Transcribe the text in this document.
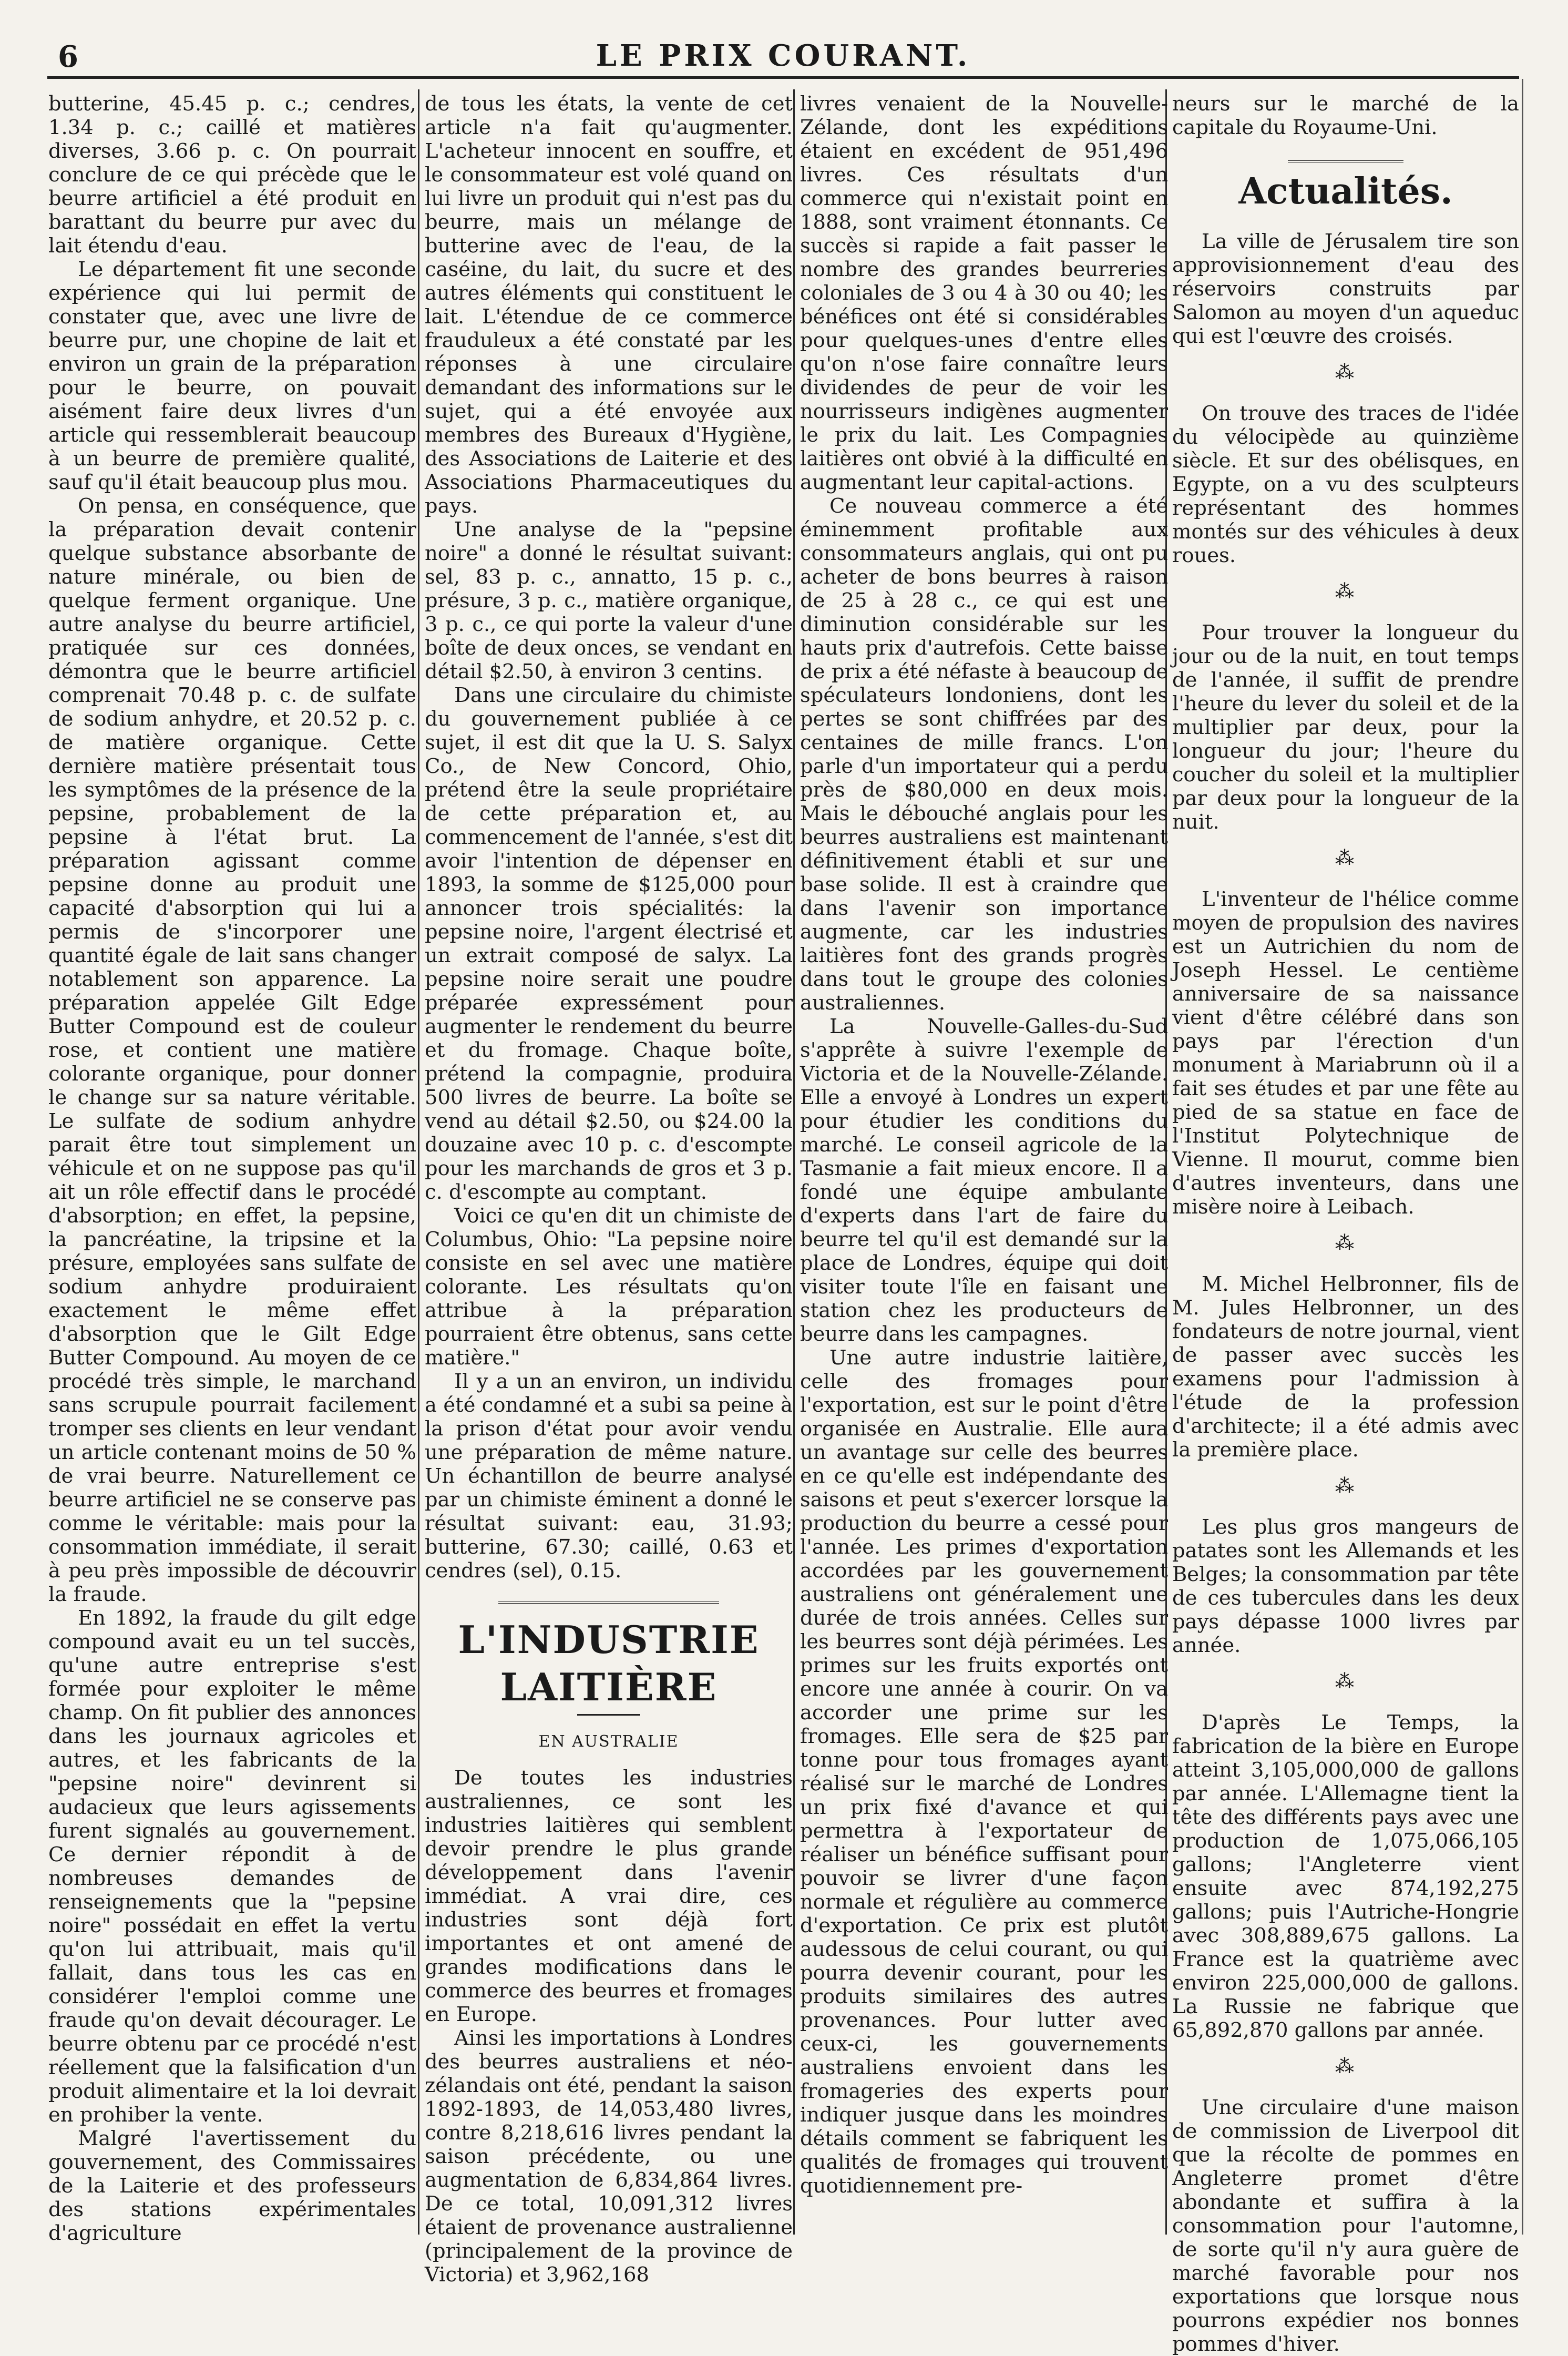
6	LE PRIX COURANT.

butterine, 45.45 p. c.; cendres, 1.34 p. c.; caillé et matières diverses, 3.66 p. c. On pourrait conclure de ce qui précède que le beurre artificiel a été produit en barattant du beurre pur avec du lait étendu d'eau.

Le département fit une seconde expérience qui lui permit de constater que, avec une livre de beurre pur, une chopine de lait et environ un grain de la préparation pour le beurre, on pouvait aisément faire deux livres d'un article qui ressemblerait beaucoup à un beurre de première qualité, sauf qu'il était beaucoup plus mou.

On pensa, en conséquence, que la préparation devait contenir quelque substance absorbante de nature minérale, ou bien de quelque ferment organique. Une autre analyse du beurre artificiel, pratiquée sur ces données, démontra que le beurre artificiel comprenait 70.48 p. c. de sulfate de sodium anhydre, et 20.52 p. c. de matière organique. Cette dernière matière présentait tous les symptômes de la présence de la pepsine, probablement de la pepsine à l'état brut. La préparation agissant comme pepsine donne au produit une capacité d'absorption qui lui a permis de s'incorporer une quantité égale de lait sans changer notablement son apparence. La préparation appelée Gilt Edge Butter Compound est de couleur rose, et contient une matière colorante organique, pour donner le change sur sa nature véritable. Le sulfate de sodium anhydre parait être tout simplement un véhicule et on ne suppose pas qu'il ait un rôle effectif dans le procédé d'absorption; en effet, la pepsine, la pancréatine, la tripsine et la présure, employées sans sulfate de sodium anhydre produiraient exactement le même effet d'absorption que le Gilt Edge Butter Compound. Au moyen de ce procédé très simple, le marchand sans scrupule pourrait facilement tromper ses clients en leur vendant un article contenant moins de 50 % de vrai beurre. Naturellement ce beurre artificiel ne se conserve pas comme le véritable: mais pour la consommation immédiate, il serait à peu près impossible de découvrir la fraude.

En 1892, la fraude du gilt edge compound avait eu un tel succès, qu'une autre entreprise s'est formée pour exploiter le même champ. On fit publier des annonces dans les journaux agricoles et autres, et les fabricants de la "pepsine noire" devinrent si audacieux que leurs agissements furent signalés au gouvernement. Ce dernier répondit à de nombreuses demandes de renseignements que la "pepsine noire" possédait en effet la vertu qu'on lui attribuait, mais qu'il fallait, dans tous les cas en considérer l'emploi comme une fraude qu'on devait décourager. Le beurre obtenu par ce procédé n'est réellement que la falsification d'un produit alimentaire et la loi devrait en prohiber la vente.

Malgré l'avertissement du gouvernement, des Commissaires de la Laiterie et des professeurs des stations expérimentales d'agriculture

de tous les états, la vente de cet article n'a fait qu'augmenter. L'acheteur innocent en souffre, et le consommateur est volé quand on lui livre un produit qui n'est pas du beurre, mais un mélange de butterine avec de l'eau, de la caséine, du lait, du sucre et des autres éléments qui constituent le lait. L'étendue de ce commerce frauduleux a été constaté par les réponses à une circulaire demandant des informations sur le sujet, qui a été envoyée aux membres des Bureaux d'Hygiène, des Associations de Laiterie et des Associations Pharmaceutiques du pays.

Une analyse de la "pepsine noire" a donné le résultat suivant: sel, 83 p. c., annatto, 15 p. c., présure, 3 p. c., matière organique, 3 p. c., ce qui porte la valeur d'une boîte de deux onces, se vendant en détail $2.50, à environ 3 centins.

Dans une circulaire du chimiste du gouvernement publiée à ce sujet, il est dit que la U. S. Salyx Co., de New Concord, Ohio, prétend être la seule propriétaire de cette préparation et, au commencement de l'année, s'est dit avoir l'intention de dépenser en 1893, la somme de $125,000 pour annoncer trois spécialités: la pepsine noire, l'argent électrisé et un extrait composé de salyx. La pepsine noire serait une poudre préparée expressément pour augmenter le rendement du beurre et du fromage. Chaque boîte, prétend la compagnie, produira 500 livres de beurre. La boîte se vend au détail $2.50, ou $24.00 la douzaine avec 10 p. c. d'escompte pour les marchands de gros et 3 p. c. d'escompte au comptant.

Voici ce qu'en dit un chimiste de Columbus, Ohio: "La pepsine noire consiste en sel avec une matière colorante. Les résultats qu'on attribue à la préparation pourraient être obtenus, sans cette matière."

Il y a un an environ, un individu a été condamné et a subi sa peine à la prison d'état pour avoir vendu une préparation de même nature. Un échantillon de beurre analysé par un chimiste éminent a donné le résultat suivant: eau, 31.93; butterine, 67.30; caillé, 0.63 et cendres (sel), 0.15.

L'INDUSTRIE LAITIÈRE
EN AUSTRALIE

De toutes les industries australiennes, ce sont les industries laitières qui semblent devoir prendre le plus grande développement dans l'avenir immédiat. A vrai dire, ces industries sont déjà fort importantes et ont amené de grandes modifications dans le commerce des beurres et fromages en Europe.

Ainsi les importations à Londres des beurres australiens et néo-zélandais ont été, pendant la saison 1892-1893, de 14,053,480 livres, contre 8,218,616 livres pendant la saison précédente, ou une augmentation de 6,834,864 livres. De ce total, 10,091,312 livres étaient de provenance australienne (principalement de la province de Victoria) et 3,962,168

livres venaient de la Nouvelle-Zélande, dont les expéditions étaient en excédent de 951,496 livres. Ces résultats d'un commerce qui n'existait point en 1888, sont vraiment étonnants. Ce succès si rapide a fait passer le nombre des grandes beurreries coloniales de 3 ou 4 à 30 ou 40; les bénéfices ont été si considérables pour quelques-unes d'entre elles qu'on n'ose faire connaître leurs dividendes de peur de voir les nourrisseurs indigènes augmenter le prix du lait. Les Compagnies laitières ont obvié à la difficulté en augmentant leur capital-actions.

Ce nouveau commerce a été éminemment profitable aux consommateurs anglais, qui ont pu acheter de bons beurres à raison de 25 à 28 c., ce qui est une diminution considérable sur les hauts prix d'autrefois. Cette baisse de prix a été néfaste à beaucoup de spéculateurs londoniens, dont les pertes se sont chiffrées par des centaines de mille francs. L'on parle d'un importateur qui a perdu près de $80,000 en deux mois. Mais le débouché anglais pour les beurres australiens est maintenant définitivement établi et sur une base solide. Il est à craindre que dans l'avenir son importance augmente, car les industries laitières font des grands progrès dans tout le groupe des colonies australiennes.

La Nouvelle-Galles-du-Sud s'apprête à suivre l'exemple de Victoria et de la Nouvelle-Zélande. Elle a envoyé à Londres un expert pour étudier les conditions du marché. Le conseil agricole de la Tasmanie a fait mieux encore. Il a fondé une équipe ambulante d'experts dans l'art de faire du beurre tel qu'il est demandé sur la place de Londres, équipe qui doit visiter toute l'île en faisant une station chez les producteurs de beurre dans les campagnes.

Une autre industrie laitière, celle des fromages pour l'exportation, est sur le point d'être organisée en Australie. Elle aura un avantage sur celle des beurres en ce qu'elle est indépendante des saisons et peut s'exercer lorsque la production du beurre a cessé pour l'année. Les primes d'exportation accordées par les gouvernement australiens ont généralement une durée de trois années. Celles sur les beurres sont déjà périmées. Les primes sur les fruits exportés ont encore une année à courir. On va accorder une prime sur les fromages. Elle sera de $25 par tonne pour tous fromages ayant réalisé sur le marché de Londres un prix fixé d'avance et qui permettra à l'exportateur de réaliser un bénéfice suffisant pour pouvoir se livrer d'une façon normale et régulière au commerce d'exportation. Ce prix est plutôt audessous de celui courant, ou qui pourra devenir courant, pour les produits similaires des autres provenances. Pour lutter avec ceux-ci, les gouvernements australiens envoient dans les fromageries des experts pour indiquer jusque dans les moindres détails comment se fabriquent les qualités de fromages qui trouvent quotidiennement pre-

neurs sur le marché de la capitale du Royaume-Uni.

Actualités.

La ville de Jérusalem tire son approvisionnement d'eau des réservoirs construits par Salomon au moyen d'un aqueduc qui est l'œuvre des croisés.

⁂

On trouve des traces de l'idée du vélocipède au quinzième siècle. Et sur des obélisques, en Egypte, on a vu des sculpteurs représentant des hommes montés sur des véhicules à deux roues.

⁂

Pour trouver la longueur du jour ou de la nuit, en tout temps de l'année, il suffit de prendre l'heure du lever du soleil et de la multiplier par deux, pour la longueur du jour; l'heure du coucher du soleil et la multiplier par deux pour la longueur de la nuit.

⁂

L'inventeur de l'hélice comme moyen de propulsion des navires est un Autrichien du nom de Joseph Hessel. Le centième anniversaire de sa naissance vient d'être célébré dans son pays par l'érection d'un monument à Mariabrunn où il a fait ses études et par une fête au pied de sa statue en face de l'Institut Polytechnique de Vienne. Il mourut, comme bien d'autres inventeurs, dans une misère noire à Leibach.

⁂

M. Michel Helbronner, fils de M. Jules Helbronner, un des fondateurs de notre journal, vient de passer avec succès les examens pour l'admission à l'étude de la profession d'architecte; il a été admis avec la première place.

⁂

Les plus gros mangeurs de patates sont les Allemands et les Belges; la consommation par tête de ces tubercules dans les deux pays dépasse 1000 livres par année.

⁂

D'après Le Temps, la fabrication de la bière en Europe atteint 3,105,000,000 de gallons par année. L'Allemagne tient la tête des différents pays avec une production de 1,075,066,105 gallons; l'Angleterre vient ensuite avec 874,192,275 gallons; puis l'Autriche-Hongrie avec 308,889,675 gallons. La France est la quatrième avec environ 225,000,000 de gallons. La Russie ne fabrique que 65,892,870 gallons par année.

⁂

Une circulaire d'une maison de commission de Liverpool dit que la récolte de pommes en Angleterre promet d'être abondante et suffira à la consommation pour l'automne, de sorte qu'il n'y aura guère de marché favorable pour nos exportations que lorsque nous pourrons expédier nos bonnes pommes d'hiver.
